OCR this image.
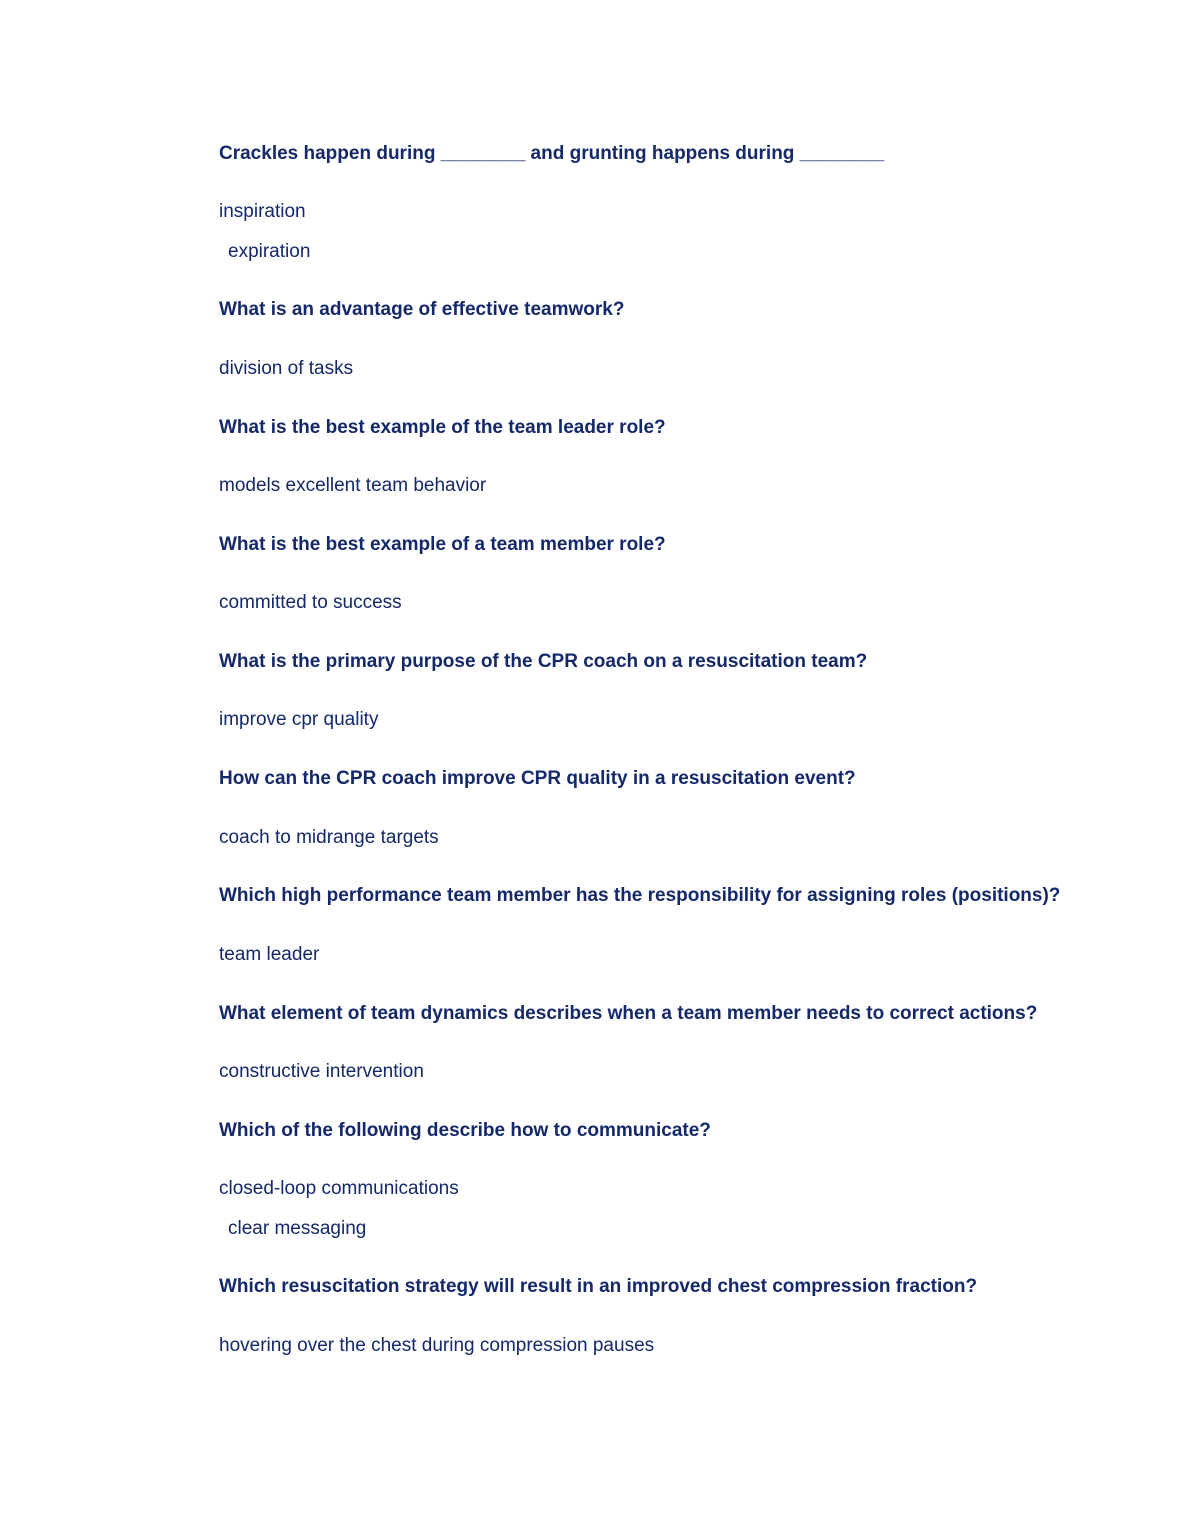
Crackles happen during ________ and grunting happens during ________
inspiration
expiration
What is an advantage of effective teamwork?
division of tasks
What is the best example of the team leader role?
models excellent team behavior
What is the best example of a team member role?
committed to success
What is the primary purpose of the CPR coach on a resuscitation team?
improve cpr quality
How can the CPR coach improve CPR quality in a resuscitation event?
coach to midrange targets
Which high performance team member has the responsibility for assigning roles (positions)?
team leader
What element of team dynamics describes when a team member needs to correct actions?
constructive intervention
Which of the following describe how to communicate?
closed-loop communications
clear messaging
Which resuscitation strategy will result in an improved chest compression fraction?
hovering over the chest during compression pauses
